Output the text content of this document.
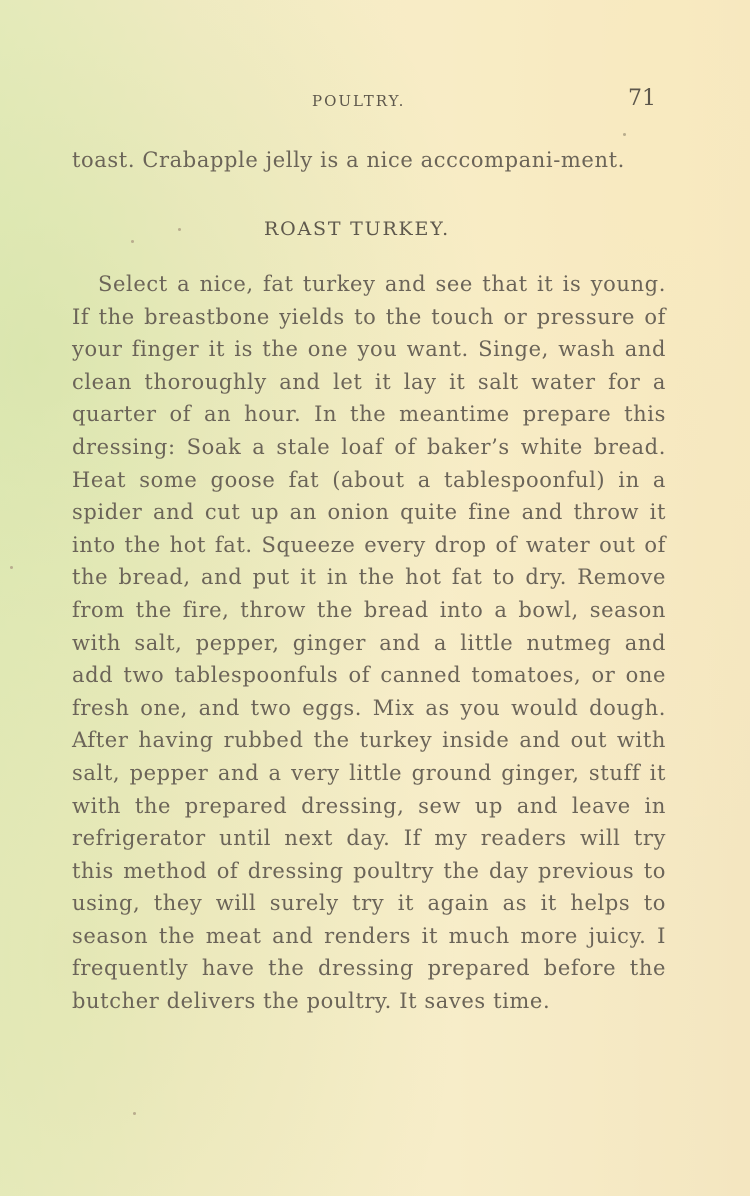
POULTRY.	71
toast. Crabapple jelly is a nice acccompani-ment.
ROAST TURKEY.
Select a nice, fat turkey and see that it is young. If the breastbone yields to the touch or pressure of your finger it is the one you want. Singe, wash and clean thoroughly and let it lay it salt water for a quarter of an hour. In the meantime prepare this dressing: Soak a stale loaf of baker’s white bread. Heat some goose fat (about a tablespoonful) in a spider and cut up an onion quite fine and throw it into the hot fat. Squeeze every drop of water out of the bread, and put it in the hot fat to dry. Remove from the fire, throw the bread into a bowl, season with salt, pepper, ginger and a little nutmeg and add two tablespoonfuls of canned tomatoes, or one fresh one, and two eggs. Mix as you would dough. After having rubbed the turkey inside and out with salt, pepper and a very little ground ginger, stuff it with the prepared dressing, sew up and leave in refrigerator until next day. If my readers will try this method of dressing poultry the day previous to using, they will surely try it again as it helps to season the meat and renders it much more juicy. I frequently have the dressing prepared before the butcher delivers the poultry. It saves time.
